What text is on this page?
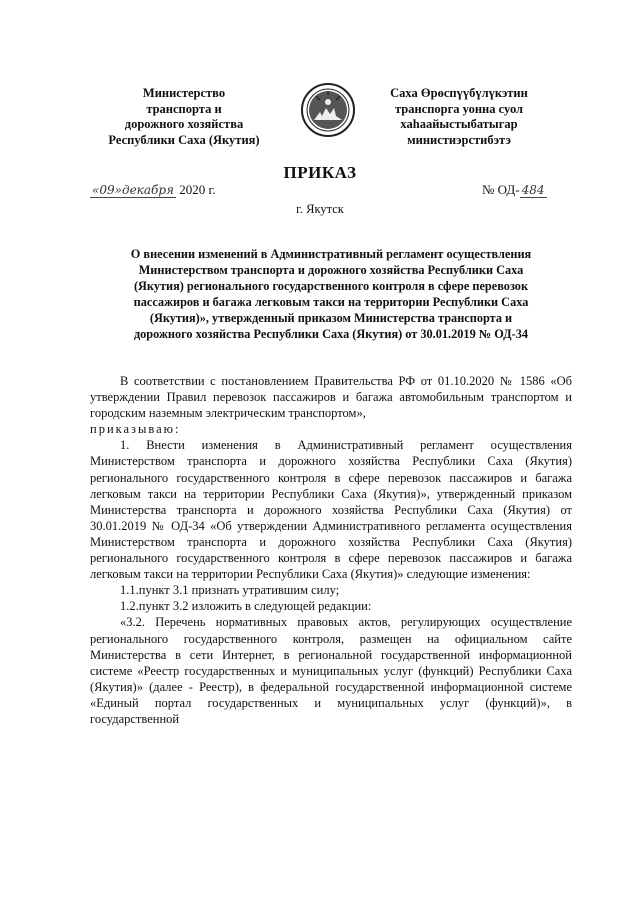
Министерство
транспорта и
дорожного хозяйства
Республики Саха (Якутия)
Саха Өрөспүүбүлүкэтин
транспорга уонна суол
хаһаайыстыбатыгар
министиэрстибэтэ
ПРИКАЗ
«09»декабря 2020 г.	№ ОД- 484
г. Якутск
О внесении изменений в Административный регламент осуществления
Министерством транспорта и дорожного хозяйства Республики Саха
(Якутия) регионального государственного контроля в сфере перевозок
пассажиров и багажа легковым такси на территории Республики Саха
(Якутия)», утвержденный приказом Министерства транспорта и
дорожного хозяйства Республики Саха (Якутия) от 30.01.2019 № ОД-34

В соответствии с постановлением Правительства РФ от 01.10.2020 № 1586 «Об утверждении Правил перевозок пассажиров и багажа автомобильным транспортом и городским наземным электрическим транспортом»,

приказываю:

1. Внести изменения в Административный регламент осуществления Министерством транспорта и дорожного хозяйства Республики Саха (Якутия) регионального государственного контроля в сфере перевозок пассажиров и багажа легковым такси на территории Республики Саха (Якутия)», утвержденный приказом Министерства транспорта и дорожного хозяйства Республики Саха (Якутия) от 30.01.2019 № ОД-34 «Об утверждении Административного регламента осуществления Министерством транспорта и дорожного хозяйства Республики Саха (Якутия) регионального государственного контроля в сфере перевозок пассажиров и багажа легковым такси на территории Республики Саха (Якутия)» следующие изменения:

1.1.пункт 3.1 признать утратившим силу;

1.2.пункт 3.2 изложить в следующей редакции:

«3.2. Перечень нормативных правовых актов, регулирующих осуществление регионального государственного контроля, размещен на официальном сайте Министерства в сети Интернет, в региональной государственной информационной системе «Реестр государственных и муниципальных услуг (функций) Республики Саха (Якутия)» (далее - Реестр), в федеральной государственной информационной системе «Единый портал государственных и муниципальных услуг (функций)», в государственной
